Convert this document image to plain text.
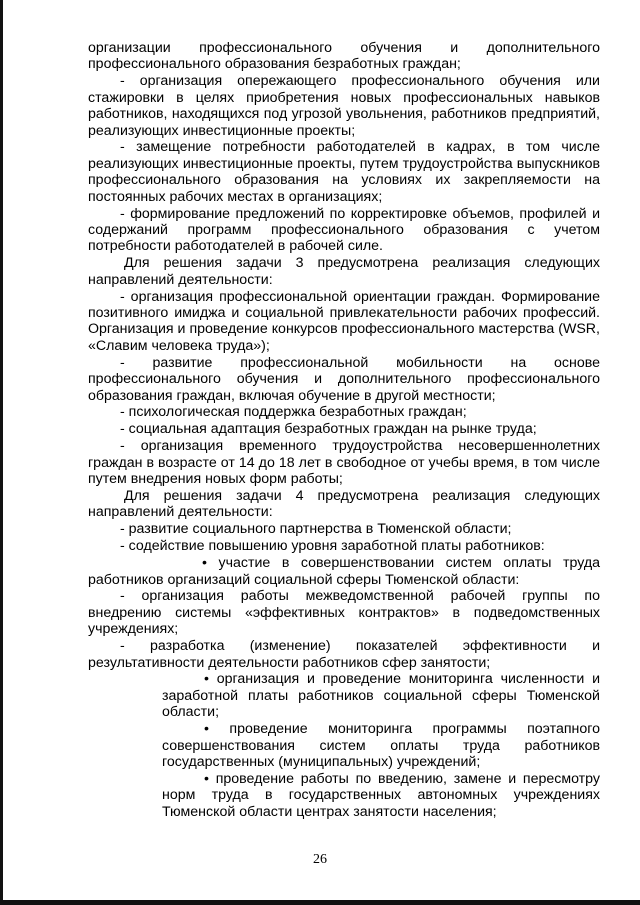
организации профессионального обучения и дополнительного профессионального образования безработных граждан;

- организация опережающего профессионального обучения или стажировки в целях приобретения новых профессиональных навыков работников, находящихся под угрозой увольнения, работников предприятий, реализующих инвестиционные проекты;

- замещение потребности работодателей в кадрах, в том числе реализующих инвестиционные проекты, путем трудоустройства выпускников профессионального образования на условиях их закрепляемости на постоянных рабочих местах в организациях;

- формирование предложений по корректировке объемов, профилей и содержаний программ профессионального образования с учетом потребности работодателей в рабочей силе.

Для решения задачи 3 предусмотрена реализация следующих направлений деятельности:

- организация профессиональной ориентации граждан. Формирование позитивного имиджа и социальной привлекательности рабочих профессий. Организация и проведение конкурсов профессионального мастерства (WSR, «Славим человека труда»);

- развитие профессиональной мобильности на основе профессионального обучения и дополнительного профессионального образования граждан, включая обучение в другой местности;

- психологическая поддержка безработных граждан;

- социальная адаптация безработных граждан на рынке труда;

- организация временного трудоустройства несовершеннолетних граждан в возрасте от 14 до 18 лет в свободное от учебы время, в том числе путем внедрения новых форм работы;

Для решения задачи 4 предусмотрена реализация следующих направлений деятельности:

- развитие социального партнерства в Тюменской области;

- содействие повышению уровня заработной платы работников:

• участие в совершенствовании систем оплаты труда работников организаций социальной сферы Тюменской области:

- организация работы межведомственной рабочей группы по внедрению системы «эффективных контрактов» в подведомственных учреждениях;

- разработка (изменение) показателей эффективности и результативности деятельности работников сфер занятости;

• организация и проведение мониторинга численности и заработной платы работников социальной сферы Тюменской области;

• проведение мониторинга программы поэтапного совершенствования систем оплаты труда работников государственных (муниципальных) учреждений;

• проведение работы по введению, замене и пересмотру норм труда в государственных автономных учреждениях Тюменской области центрах занятости населения;

26
